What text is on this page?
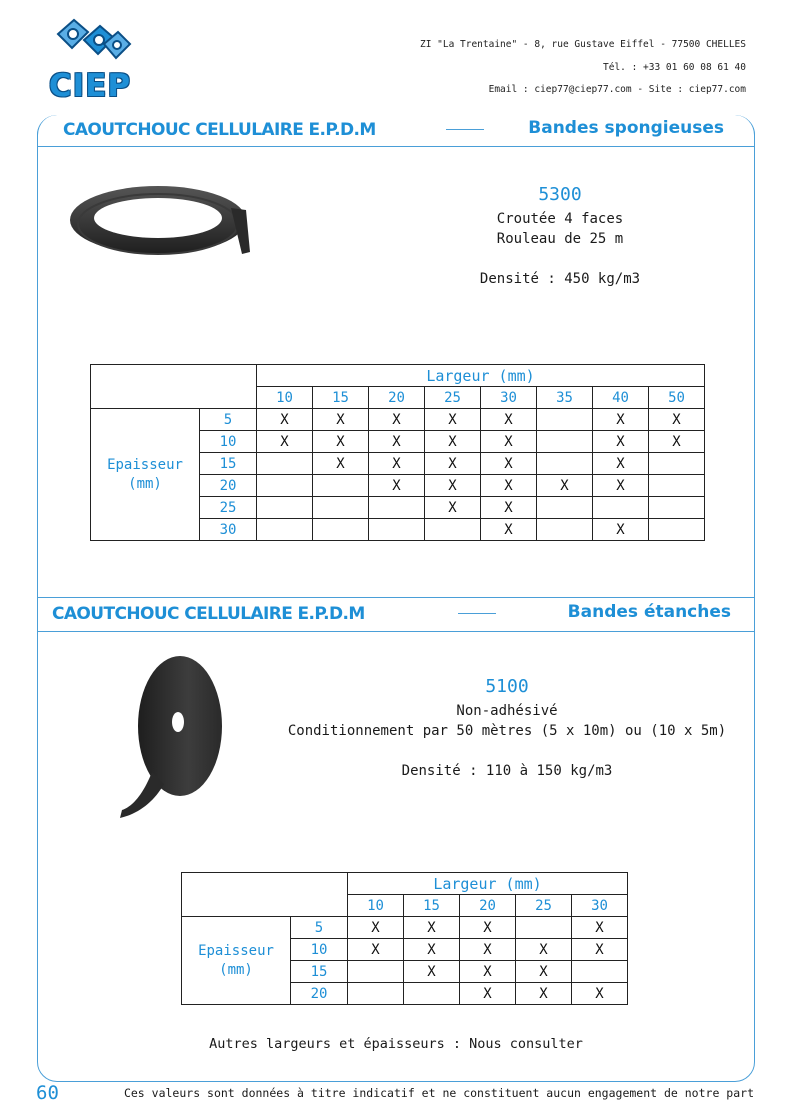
CIEP
ZI "La Trentaine" - 8, rue Gustave Eiffel - 77500 CHELLES
Tél. : +33 01 60 08 61 40
Email : ciep77@ciep77.com - Site : ciep77.com
CAOUTCHOUC CELLULAIRE E.P.D.M	Bandes spongieuses
5300
Croutée 4 faces
Rouleau de 25 m
Densité : 450 kg/m3
		Largeur (mm)							
		10	15	20	25	30	35	40	50

Epaisseur
(mm)	5	X	X	X	X	X		X	X
	10	X	X	X	X	X		X	X
	15		X	X	X	X		X	
	20			X	X	X	X	X	
	25				X	X			
	30					X		X	
CAOUTCHOUC CELLULAIRE E.P.D.M	Bandes étanches
5100
Non-adhésivé
Conditionnement par 50 mètres (5 x 10m) ou (10 x 5m)
Densité : 110 à 150 kg/m3
		Largeur (mm)				
		10	15	20	25	30

Epaisseur
(mm)	5	X	X	X		X
	10	X	X	X	X	X
	15		X	X	X	
	20			X	X	X
Autres largeurs et épaisseurs : Nous consulter
60	Ces valeurs sont données à titre indicatif et ne constituent aucun engagement de notre part
